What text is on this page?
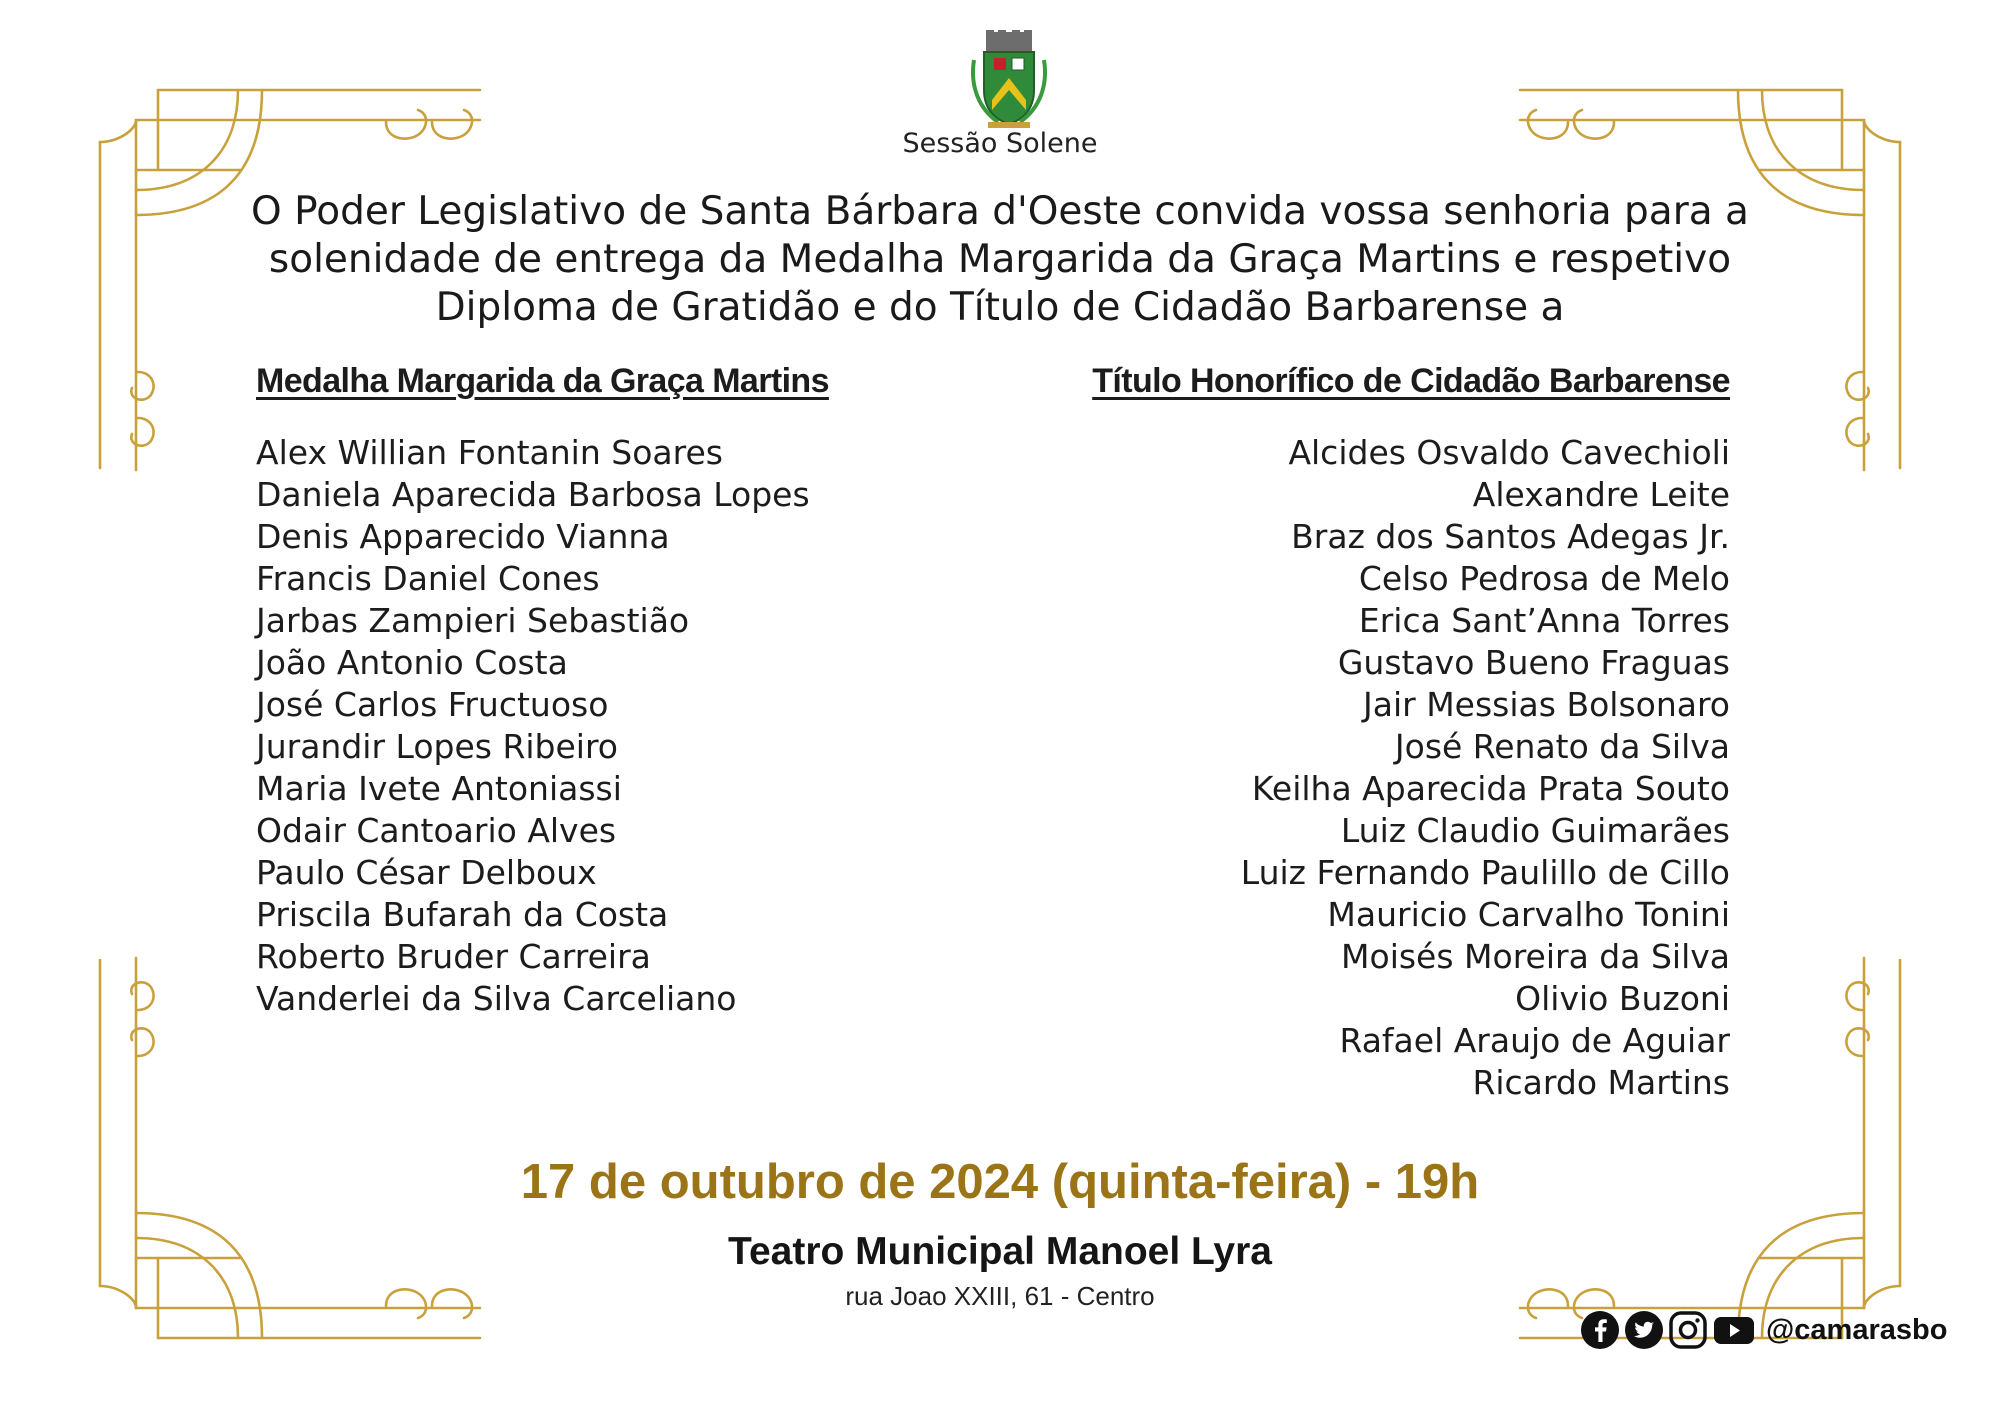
Sessão Solene
O Poder Legislativo de Santa Bárbara d'Oeste convida vossa senhoria para a
solenidade de entrega da Medalha Margarida da Graça Martins e respetivo
Diploma de Gratidão e do Título de Cidadão Barbarense a
Medalha Margarida da Graça Martins
Alex Willian Fontanin Soares
Daniela Aparecida Barbosa Lopes
Denis Apparecido Vianna
Francis Daniel Cones
Jarbas Zampieri Sebastião
João Antonio Costa
José Carlos Fructuoso
Jurandir Lopes Ribeiro
Maria Ivete Antoniassi
Odair Cantoario Alves
Paulo César Delboux
Priscila Bufarah da Costa
Roberto Bruder Carreira
Vanderlei da Silva Carceliano
Título Honorífico de Cidadão Barbarense
Alcides Osvaldo Cavechioli
Alexandre Leite
Braz dos Santos Adegas Jr.
Celso Pedrosa de Melo
Erica Sant’Anna Torres
Gustavo Bueno Fraguas
Jair Messias Bolsonaro
José Renato da Silva
Keilha Aparecida Prata Souto
Luiz Claudio Guimarães
Luiz Fernando Paulillo de Cillo
Mauricio Carvalho Tonini
Moisés Moreira da Silva
Olivio Buzoni
Rafael Araujo de Aguiar
Ricardo Martins
17 de outubro de 2024 (quinta-feira) - 19h
Teatro Municipal Manoel Lyra
rua Joao XXIII, 61 - Centro
@camarasbo
